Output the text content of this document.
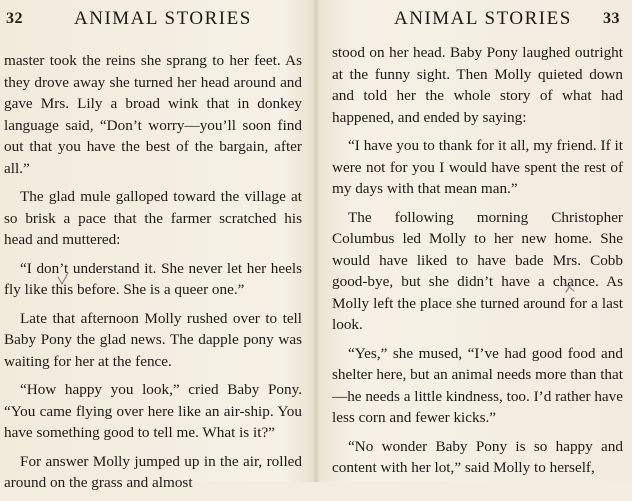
32	ANIMAL STORIES

master took the reins she sprang to her feet. As they drove away she turned her head around and gave Mrs. Lily a broad wink that in donkey language said, “Don’t worry—you’ll soon find out that you have the best of the bargain, after all.”

The glad mule galloped toward the village at so brisk a pace that the farmer scratched his head and muttered:

“I don’t understand it. She never let her heels fly like this before. She is a queer one.”

Late that afternoon Molly rushed over to tell Baby Pony the glad news. The dapple pony was waiting for her at the fence.

“How happy you look,” cried Baby Pony. “You came flying over here like an air-ship. You have something good to tell me. What is it?”

For answer Molly jumped up in the air, rolled around on the grass and almost

33
ANIMAL STORIES

stood on her head. Baby Pony laughed outright at the funny sight. Then Molly quieted down and told her the whole story of what had happened, and ended by saying:

“I have you to thank for it all, my friend. If it were not for you I would have spent the rest of my days with that mean man.”

The following morning Christopher Columbus led Molly to her new home. She would have liked to have bade Mrs. Cobb good-bye, but she didn’t have a chance. As Molly left the place she turned around for a last look.

“Yes,” she mused, “I’ve had good food and shelter here, but an animal needs more than that—he needs a little kindness, too. I’d rather have less corn and fewer kicks.”

“No wonder Baby Pony is so happy and content with her lot,” said Molly to herself,
